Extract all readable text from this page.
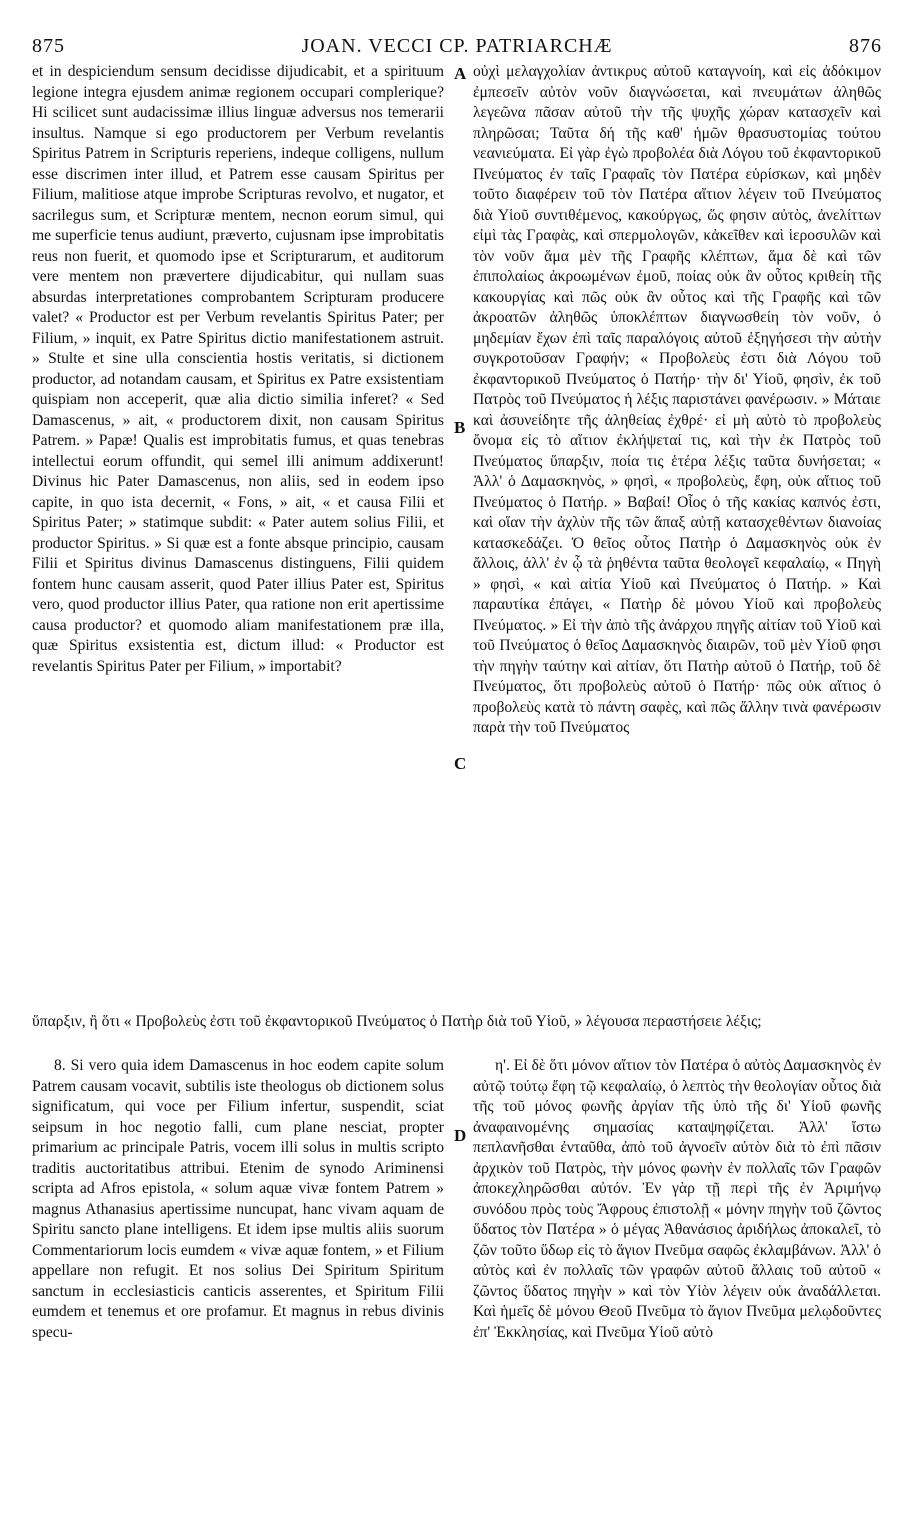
875	JOAN. VECCI CP. PATRIARCHÆ	876

et in despiciendum sensum decidisse dijudicabit, et a spirituum legione integra ejusdem animæ regionem occupari complerique? Hi scilicet sunt audacissimæ illius linguæ adversus nos temerarii insultus. Namque si ego productorem per Verbum revelantis Spiritus Patrem in Scripturis reperiens, indeque colligens, nullum esse discrimen inter illud, et Patrem esse causam Spiritus per Filium, malitiose atque improbe Scripturas revolvo, et nugator, et sacrilegus sum, et Scripturæ mentem, necnon eorum simul, qui me superficie tenus audiunt, præverto, cujusnam ipse improbitatis reus non fuerit, et quomodo ipse et Scripturarum, et auditorum vere mentem non prævertere dijudicabitur, qui nullam suas absurdas interpretationes comprobantem Scripturam producere valet? « Productor est per Verbum revelantis Spiritus Pater; per Filium, » inquit, ex Patre Spiritus dictio manifestationem astruit. » Stulte et sine ulla conscientia hostis veritatis, si dictionem productor, ad notandam causam, et Spiritus ex Patre exsistentiam quispiam non acceperit, quæ alia dictio similia inferet? « Sed Damascenus, » ait, « productorem dixit, non causam Spiritus Patrem. » Papæ! Qualis est improbitatis fumus, et quas tenebras intellectui eorum offundit, qui semel illi animum addixerunt! Divinus hic Pater Damascenus, non aliis, sed in eodem ipso capite, in quo ista decernit, « Fons, » ait, « et causa Filii et Spiritus Pater; » statimque subdit: « Pater autem solius Filii, et productor Spiritus. » Si quæ est a fonte absque principio, causam Filii et Spiritus divinus Damascenus distinguens, Filii quidem fontem hunc causam asserit, quod Pater illius Pater est, Spiritus vero, quod productor illius Pater, qua ratione non erit apertissime causa productor? et quomodo aliam manifestationem præ illa, quæ Spiritus exsistentia est, dictum illud: « Productor est revelantis Spiritus Pater per Filium, » importabit?

A
B
C
D

οὐχὶ μελαγχολίαν ἀντικρυς αὐτοῦ καταγνοίη, καὶ εἰς ἀδόκιμον ἐμπεσεῖν αὐτὸν νοῦν διαγνώσεται, καὶ πνευμάτων ἀληθῶς λεγεῶνα πᾶσαν αὐτοῦ τὴν τῆς ψυχῆς χώραν κατασχεῖν καὶ πληρῶσαι; Ταῦτα δή τῆς καθ' ἡμῶν θρασυστομίας τούτου νεανιεύματα. Εἰ γὰρ ἐγὼ προβολέα διὰ Λόγου τοῦ ἐκφαντορικοῦ Πνεύματος ἐν ταῖς Γραφαῖς τὸν Πατέρα εὑρίσκων, καὶ μηδὲν τοῦτο διαφέρειν τοῦ τὸν Πατέρα αἴτιον λέγειν τοῦ Πνεύματος διὰ Υἱοῦ συντιθέμενος, κακούργως, ὥς φησιν αὐτὸς, ἀνελίττων εἰμὶ τὰς Γραφὰς, καὶ σπερμολογῶν, κἀκεῖθεν καὶ ἱεροσυλῶν καὶ τὸν νοῦν ἅμα μὲν τῆς Γραφῆς κλέπτων, ἅμα δὲ καὶ τῶν ἐπιπολαίως ἀκροωμένων ἐμοῦ, ποίας οὐκ ἂν οὗτος κριθείη τῆς κακουργίας καὶ πῶς οὐκ ἂν οὗτος καὶ τῆς Γραφῆς καὶ τῶν ἀκροατῶν ἀληθῶς ὑποκλέπτων διαγνωσθείη τὸν νοῦν, ὁ μηδεμίαν ἔχων ἐπὶ ταῖς παραλόγοις αὐτοῦ ἐξηγήσεσι τὴν αὐτὴν συγκροτοῦσαν Γραφήν; « Προβολεὺς ἐστι διὰ Λόγου τοῦ ἐκφαντορικοῦ Πνεύματος ὁ Πατήρ· τὴν δι' Υἱοῦ, φησὶν, ἐκ τοῦ Πατρὸς τοῦ Πνεύματος ἡ λέξις παριστάνει φανέρωσιν. » Μάταιε καὶ ἀσυνείδητε τῆς ἀληθείας ἐχθρέ· εἰ μὴ αὐτὸ τὸ προβολεὺς ὄνομα εἰς τὸ αἴτιον ἐκλήψεταί τις, καὶ τὴν ἐκ Πατρὸς τοῦ Πνεύματος ὕπαρξιν, ποία τις ἑτέρα λέξις ταῦτα δυνήσεται; « Ἀλλ' ὁ Δαμασκηνὸς, » φησὶ, « προβολεὺς, ἔφη, οὐκ αἴτιος τοῦ Πνεύματος ὁ Πατήρ. » Βαβαί! Οἷος ὁ τῆς κακίας καπνός ἐστι, καὶ οἵαν τὴν ἀχλὺν τῆς τῶν ἅπαξ αὐτῇ κατασχεθέντων διανοίας κατασκεδάζει. Ὁ θεῖος οὗτος Πατὴρ ὁ Δαμασκηνὸς οὐκ ἐν ἄλλοις, ἀλλ' ἐν ᾧ τὰ ῥηθέντα ταῦτα θεολογεῖ κεφαλαίῳ, « Πηγὴ » φησὶ, « καὶ αἰτία Υἱοῦ καὶ Πνεύματος ὁ Πατήρ. » Καὶ παραυτίκα ἐπάγει, « Πατὴρ δὲ μόνου Υἱοῦ καὶ προβολεὺς Πνεύματος. » Εἰ τὴν ἀπὸ τῆς ἀνάρχου πηγῆς αἰτίαν τοῦ Υἱοῦ καὶ τοῦ Πνεύματος ὁ θεῖος Δαμασκηνὸς διαιρῶν, τοῦ μὲν Υἱοῦ φησι τὴν πηγὴν ταύτην καὶ αἰτίαν, ὅτι Πατὴρ αὐτοῦ ὁ Πατήρ, τοῦ δὲ Πνεύματος, ὅτι προβολεὺς αὐτοῦ ὁ Πατήρ· πῶς οὐκ αἴτιος ὁ προβολεὺς κατὰ τὸ πάντη σαφὲς, καὶ πῶς ἄλλην τινὰ φανέρωσιν παρὰ τὴν τοῦ Πνεύματος

ὕπαρξιν, ἢ ὅτι « Προβολεὺς ἐστι τοῦ ἐκφαντορικοῦ Πνεύματος ὁ Πατὴρ διὰ τοῦ Υἱοῦ, » λέγουσα περαστήσειε λέξις;

8. Si vero quia idem Damascenus in hoc eodem capite solum Patrem causam vocavit, subtilis iste theologus ob dictionem solus significatum, qui voce per Filium infertur, suspendit, sciat seipsum in hoc negotio falli, cum plane nesciat, propter primarium ac principale Patris, vocem illi solus in multis scripto traditis auctoritatibus attribui. Etenim de synodo Ariminensi scripta ad Afros epistola, « solum aquæ vivæ fontem Patrem » magnus Athanasius apertissime nuncupat, hanc vivam aquam de Spiritu sancto plane intelligens. Et idem ipse multis aliis suorum Commentariorum locis eumdem « vivæ aquæ fontem, » et Filium appellare non refugit. Et nos solius Dei Spiritum Spiritum sanctum in ecclesiasticis canticis asserentes, et Spiritum Filii eumdem et tenemus et ore profamur. Et magnus in rebus divinis specu-

η'. Εἰ δὲ ὅτι μόνον αἴτιον τὸν Πατέρα ὁ αὐτὸς Δαμασκηνὸς ἐν αὐτῷ τούτῳ ἔφη τῷ κεφαλαίῳ, ὁ λεπτὸς τὴν θεολογίαν οὗτος διὰ τῆς τοῦ μόνος φωνῆς ἀργίαν τῆς ὑπὸ τῆς δι' Υἱοῦ φωνῆς ἀναφαινομένης σημασίας καταψηφίζεται. Ἀλλ' ἴστω πεπλανῆσθαι ἐνταῦθα, ἀπὸ τοῦ ἀγνοεῖν αὐτὸν διὰ τὸ ἐπὶ πᾶσιν ἀρχικὸν τοῦ Πατρὸς, τὴν μόνος φωνὴν ἐν πολλαῖς τῶν Γραφῶν ἀποκεχληρῶσθαι αὐτόν. Ἐν γὰρ τῇ περὶ τῆς ἐν Ἀριμήνῳ συνόδου πρὸς τοὺς Ἄφρους ἐπιστολῇ « μόνην πηγὴν τοῦ ζῶντος ὕδατος τὸν Πατέρα » ὁ μέγας Ἀθανάσιος ἀριδήλως ἀποκαλεῖ, τὸ ζῶν τοῦτο ὕδωρ εἰς τὸ ἅγιον Πνεῦμα σαφῶς ἐκλαμβάνων. Ἀλλ' ὁ αὐτὸς καὶ ἐν πολλαῖς τῶν γραφῶν αὐτοῦ ἄλλαις τοῦ αὐτοῦ « ζῶντος ὕδατος πηγὴν » καὶ τὸν Υἱὸν λέγειν οὐκ ἀναδάλλεται. Καὶ ἡμεῖς δὲ μόνου Θεοῦ Πνεῦμα τὸ ἅγιον Πνεῦμα μελῳδοῦντες ἐπ' Ἐκκλησίας, καὶ Πνεῦμα Υἱοῦ αὐτὸ
